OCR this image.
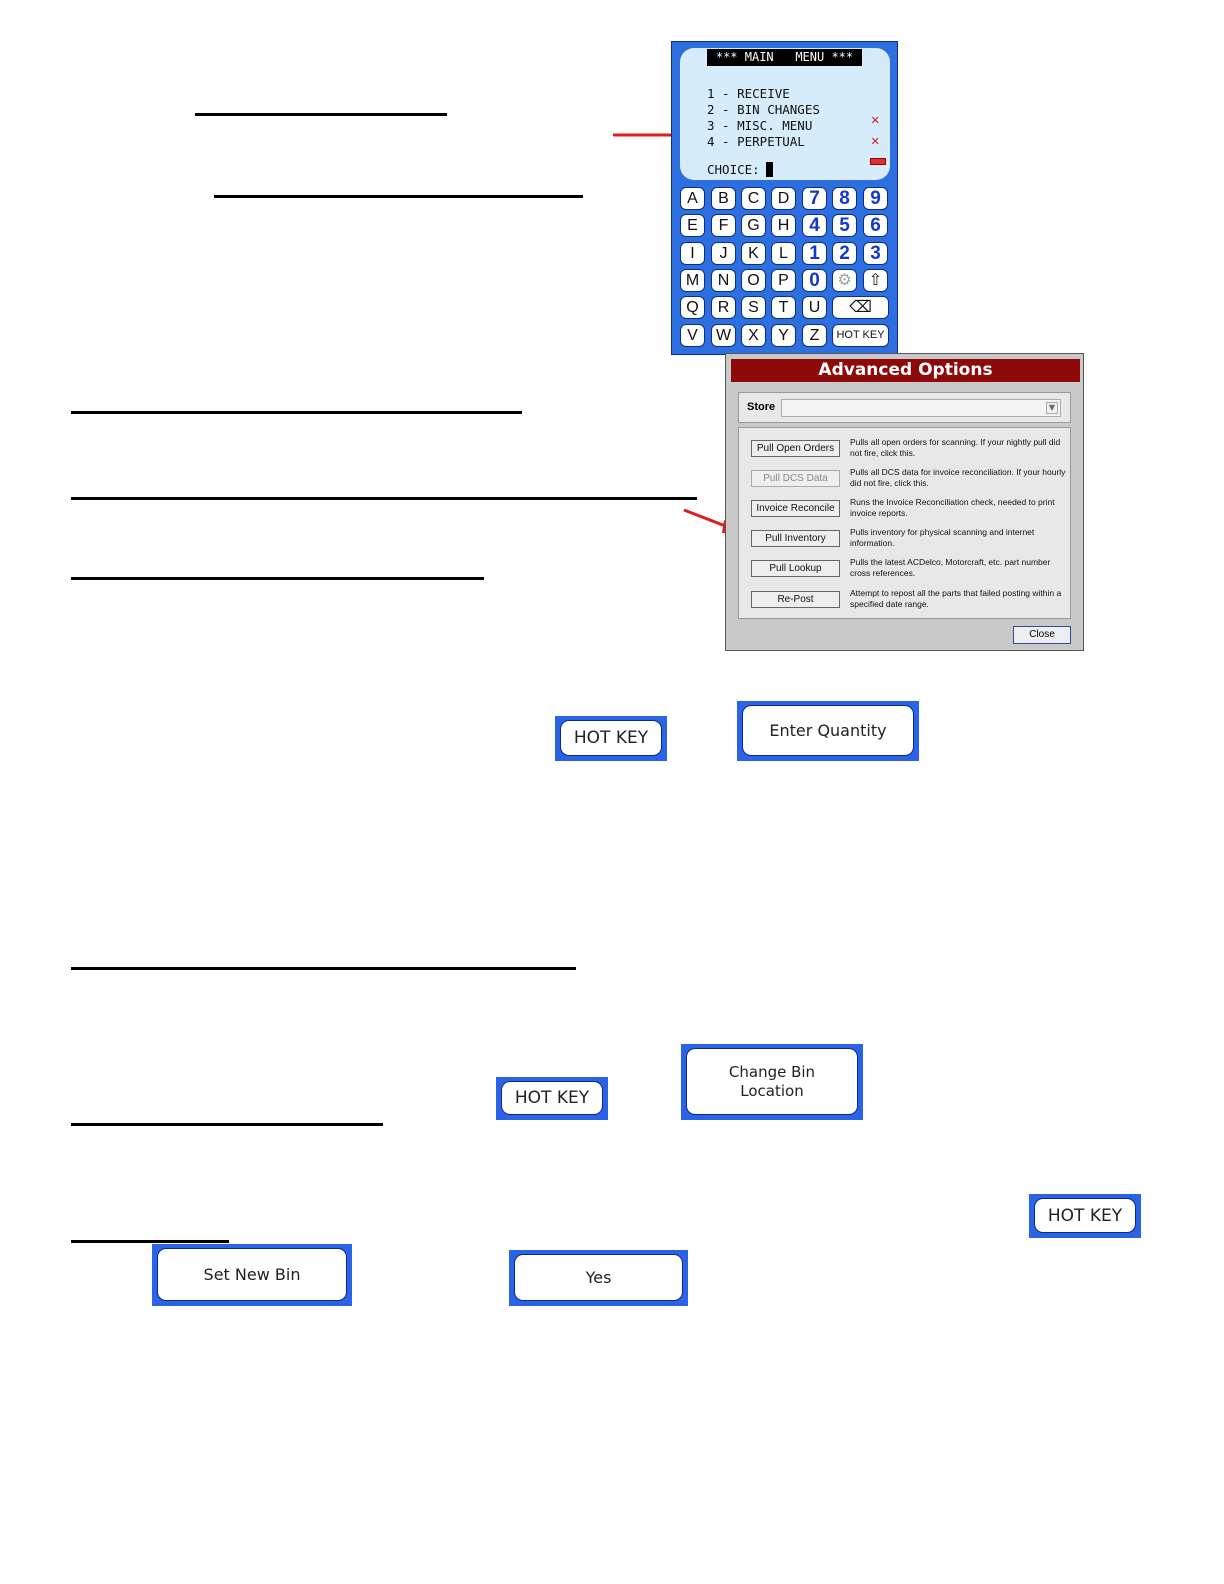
*** MAIN   MENU ***
1 - RECEIVE
2 - BIN CHANGES
3 - MISC. MENU
4 - PERPETUAL
CHOICE:
✕
✕
A	B	C	D	7	8	9
E	F	G	H	4	5	6
I	J	K	L	1	2	3
M	N	O	P	0	⚙	⇧
Q	R	S	T	U	⌫
V	W	X	Y	Z	HOT KEY
Advanced Options
Store	▼
Pull Open Orders
Pulls all open orders for scanning. If your nightly pull did not fire, click this.
Pull DCS Data
Pulls all DCS data for invoice reconciliation. If your hourly did not fire, click this.
Invoice Reconcile
Runs the Invoice Reconciliation check, needed to print invoice reports.
Pull Inventory
Pulls inventory for physical scanning and internet information.
Pull Lookup
Pulls the latest ACDelco, Motorcraft, etc. part number cross references.
Re-Post
Attempt to repost all the parts that failed posting within a specified date range.
Close
HOT KEY	Enter Quantity
HOT KEY
Change Bin
Location
HOT KEY
Set New Bin	Yes
